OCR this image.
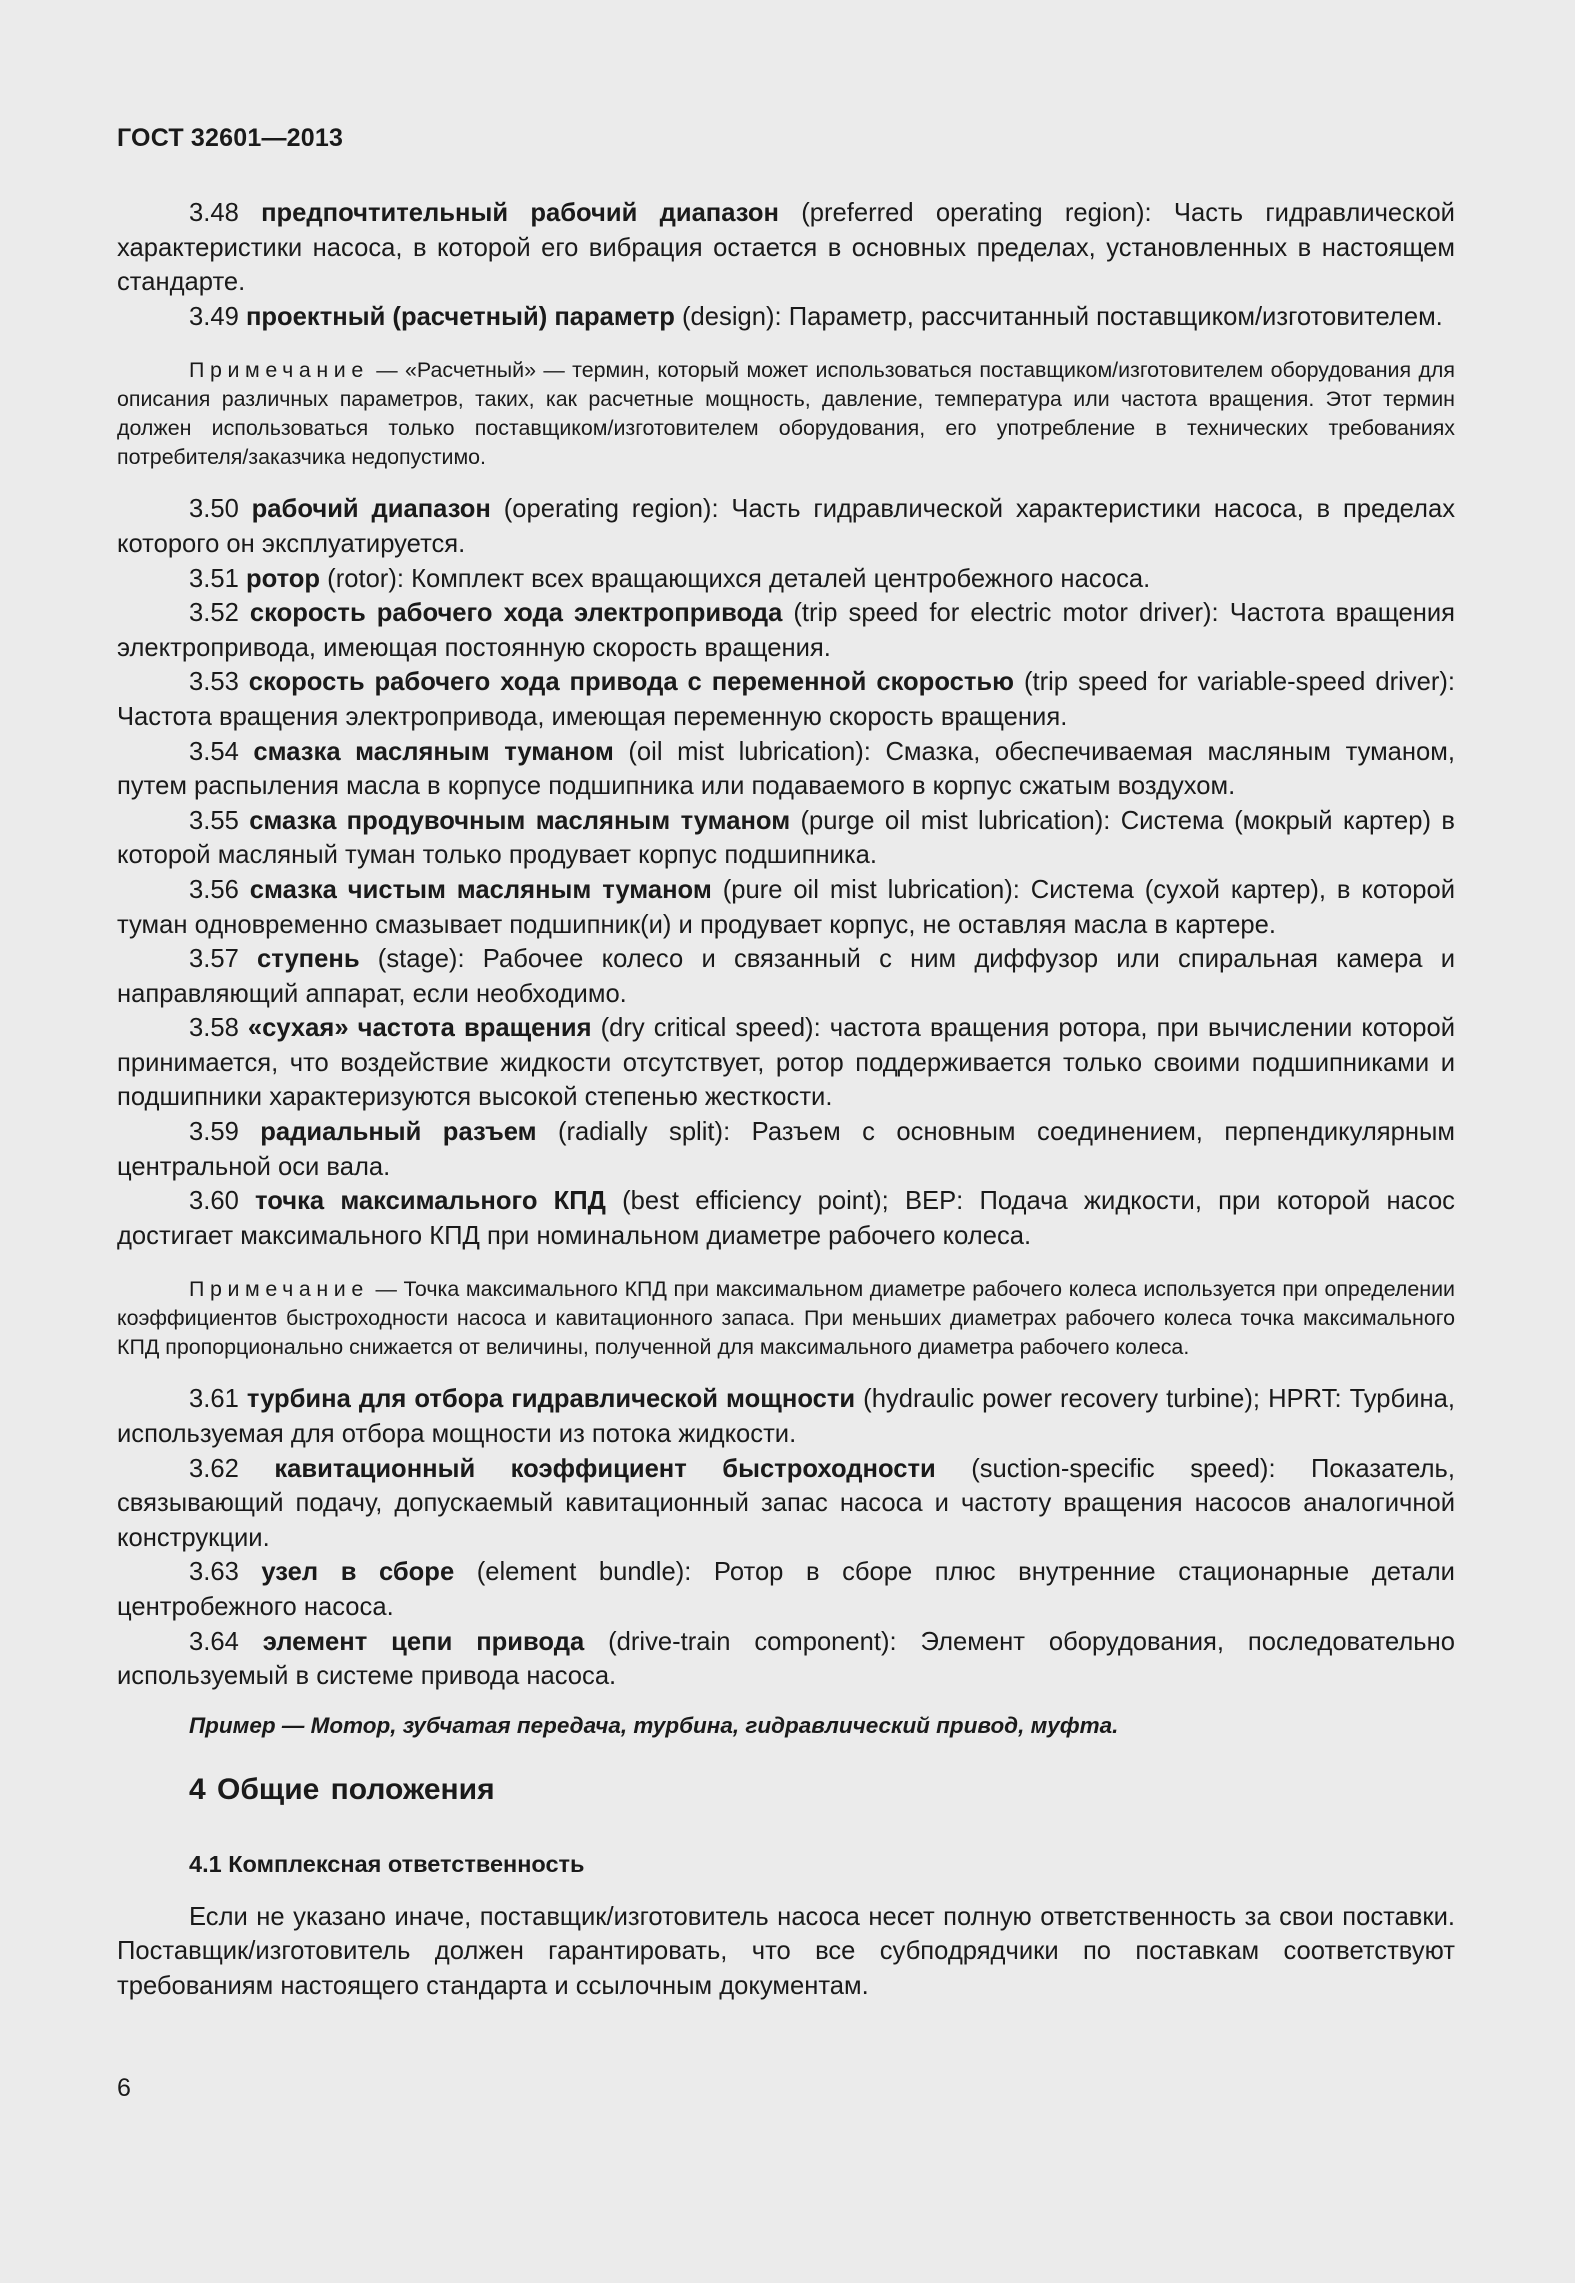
ГОСТ 32601—2013

3.48 предпочтительный рабочий диапазон (preferred operating region): Часть гидравлической характеристики насоса, в которой его вибрация остается в основных пределах, установленных в настоящем стандарте.

3.49 проектный (расчетный) параметр (design): Параметр, рассчитанный поставщиком/изготовителем.

Примечание — «Расчетный» — термин, который может использоваться поставщиком/изготовителем оборудования для описания различных параметров, таких, как расчетные мощность, давление, температура или частота вращения. Этот термин должен использоваться только поставщиком/изготовителем оборудования, его употребление в технических требованиях потребителя/заказчика недопустимо.

3.50 рабочий диапазон (operating region): Часть гидравлической характеристики насоса, в пределах которого он эксплуатируется.

3.51 ротор (rotor): Комплект всех вращающихся деталей центробежного насоса.

3.52 скорость рабочего хода электропривода (trip speed for electric motor driver): Частота вращения электропривода, имеющая постоянную скорость вращения.

3.53 скорость рабочего хода привода с переменной скоростью (trip speed for variable-speed driver): Частота вращения электропривода, имеющая переменную скорость вращения.

3.54 смазка масляным туманом (oil mist lubrication): Смазка, обеспечиваемая масляным туманом, путем распыления масла в корпусе подшипника или подаваемого в корпус сжатым воздухом.

3.55 смазка продувочным масляным туманом (purge oil mist lubrication): Система (мокрый картер) в которой масляный туман только продувает корпус подшипника.

3.56 смазка чистым масляным туманом (pure oil mist lubrication): Система (сухой картер), в которой туман одновременно смазывает подшипник(и) и продувает корпус, не оставляя масла в картере.

3.57 ступень (stage): Рабочее колесо и связанный с ним диффузор или спиральная камера и направляющий аппарат, если необходимо.

3.58 «сухая» частота вращения (dry critical speed): частота вращения ротора, при вычислении которой принимается, что воздействие жидкости отсутствует, ротор поддерживается только своими подшипниками и подшипники характеризуются высокой степенью жесткости.

3.59 радиальный разъем (radially split): Разъем с основным соединением, перпендикулярным центральной оси вала.

3.60 точка максимального КПД (best efficiency point); BEP: Подача жидкости, при которой насос достигает максимального КПД при номинальном диаметре рабочего колеса.

Примечание — Точка максимального КПД при максимальном диаметре рабочего колеса используется при определении коэффициентов быстроходности насоса и кавитационного запаса. При меньших диаметрах рабочего колеса точка максимального КПД пропорционально снижается от величины, полученной для максимального диаметра рабочего колеса.

3.61 турбина для отбора гидравлической мощности (hydraulic power recovery turbine); HPRT: Турбина, используемая для отбора мощности из потока жидкости.

3.62 кавитационный коэффициент быстроходности (suction-specific speed): Показатель, связывающий подачу, допускаемый кавитационный запас насоса и частоту вращения насосов аналогичной конструкции.

3.63 узел в сборе (element bundle): Ротор в сборе плюс внутренние стационарные детали центробежного насоса.

3.64 элемент цепи привода (drive-train component): Элемент оборудования, последовательно используемый в системе привода насоса.

Пример — Мотор, зубчатая передача, турбина, гидравлический привод, муфта.

4 Общие положения
4.1 Комплексная ответственность

Если не указано иначе, поставщик/изготовитель насоса несет полную ответственность за свои поставки. Поставщик/изготовитель должен гарантировать, что все субподрядчики по поставкам соответствуют требованиям настоящего стандарта и ссылочным документам.

6
